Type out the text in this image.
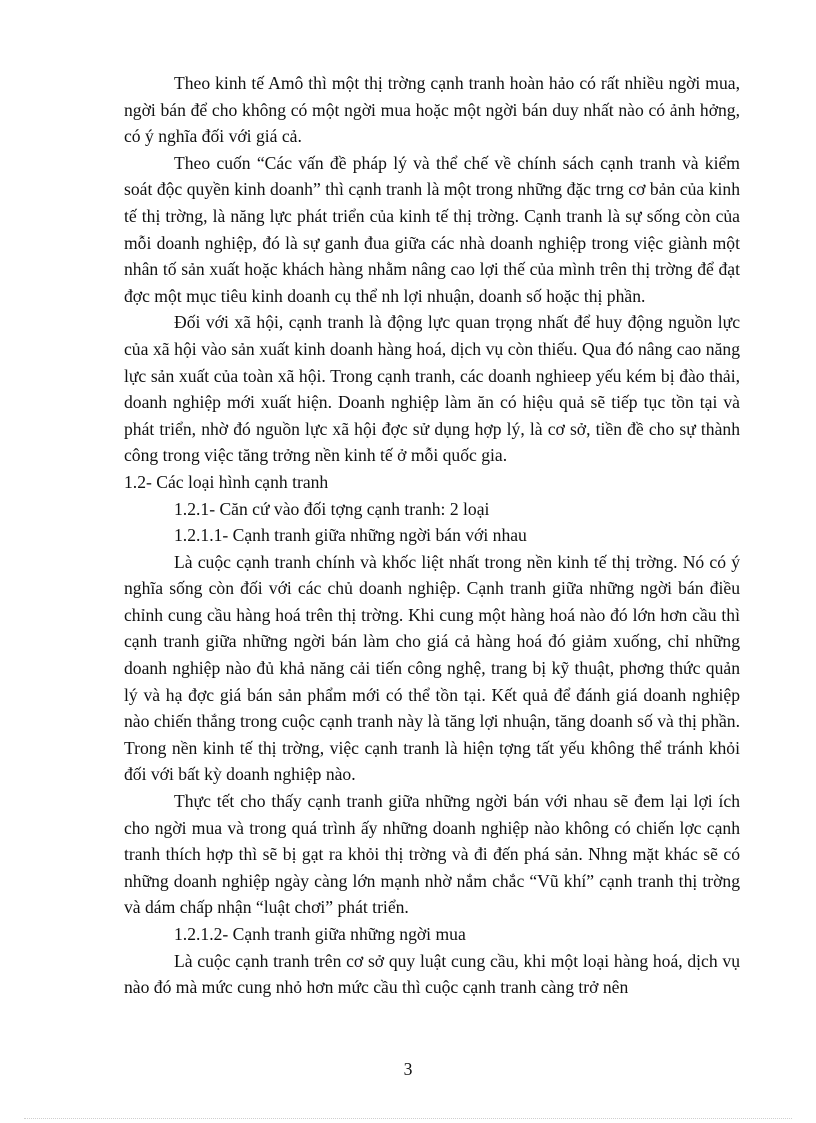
Theo kinh tế Amô thì một thị trờng cạnh tranh hoàn hảo có rất nhiều ngời mua, ngời bán để cho không có một ngời mua hoặc một ngời bán duy nhất nào có ảnh hởng, có ý nghĩa đối với giá cả.

Theo cuốn “Các vấn đề pháp lý và thể chế về chính sách cạnh tranh và kiểm soát độc quyền kinh doanh” thì cạnh tranh là một trong những đặc trng cơ bản của kinh tế thị trờng, là năng lực phát triển của kinh tế thị trờng. Cạnh tranh là sự sống còn của mỗi doanh nghiệp, đó là sự ganh đua giữa các nhà doanh nghiệp trong việc giành một nhân tố sản xuất hoặc khách hàng nhằm nâng cao lợi thế của mình trên thị trờng để đạt đợc một mục tiêu kinh doanh cụ thể nh lợi nhuận, doanh số hoặc thị phần.

Đối với xã hội, cạnh tranh là động lực quan trọng nhất để huy động nguồn lực của xã hội vào sản xuất kinh doanh hàng hoá, dịch vụ còn thiếu. Qua đó nâng cao năng lực sản xuất của toàn xã hội. Trong cạnh tranh, các doanh nghieep yếu kém bị đào thải, doanh nghiệp mới xuất hiện. Doanh nghiệp làm ăn có hiệu quả sẽ tiếp tục tồn tại và phát triển, nhờ đó nguồn lực xã hội đợc sử dụng hợp lý, là cơ sở, tiền đề cho sự thành công trong việc tăng trởng nền kinh tế ở mỗi quốc gia.

1.2- Các loại hình cạnh tranh

1.2.1- Căn cứ vào đối tợng cạnh tranh: 2 loại

1.2.1.1- Cạnh tranh giữa những ngời bán với nhau

Là cuộc cạnh tranh chính và khốc liệt nhất trong nền kinh tế thị trờng. Nó có ý nghĩa sống còn đối với các chủ doanh nghiệp. Cạnh tranh giữa những ngời bán điều chỉnh cung cầu hàng hoá trên thị trờng. Khi cung một hàng hoá nào đó lớn hơn cầu thì cạnh tranh giữa những ngời bán làm cho giá cả hàng hoá đó giảm xuống, chỉ những doanh nghiệp nào đủ khả năng cải tiến công nghệ, trang bị kỹ thuật, phơng thức quản lý và hạ đợc giá bán sản phẩm mới có thể tồn tại. Kết quả để đánh giá doanh nghiệp nào chiến thắng trong cuộc cạnh tranh này là tăng lợi nhuận, tăng doanh số và thị phần. Trong nền kinh tế thị trờng, việc cạnh tranh là hiện tợng tất yếu không thể tránh khỏi đối với bất kỳ doanh nghiệp nào.

Thực tết cho thấy cạnh tranh giữa những ngời bán với nhau sẽ đem lại lợi ích cho ngời mua và trong quá trình ấy những doanh nghiệp nào không có chiến lợc cạnh tranh thích hợp thì sẽ bị gạt ra khỏi thị trờng và đi đến phá sản. Nhng mặt khác sẽ có những doanh nghiệp ngày càng lớn mạnh nhờ nắm chắc “Vũ khí” cạnh tranh thị trờng và dám chấp nhận “luật chơi” phát triển.

1.2.1.2- Cạnh tranh giữa những ngời mua

Là cuộc cạnh tranh trên cơ sở quy luật cung cầu, khi một loại hàng hoá, dịch vụ nào đó mà mức cung nhỏ hơn mức cầu thì cuộc cạnh tranh càng trở nên

3
